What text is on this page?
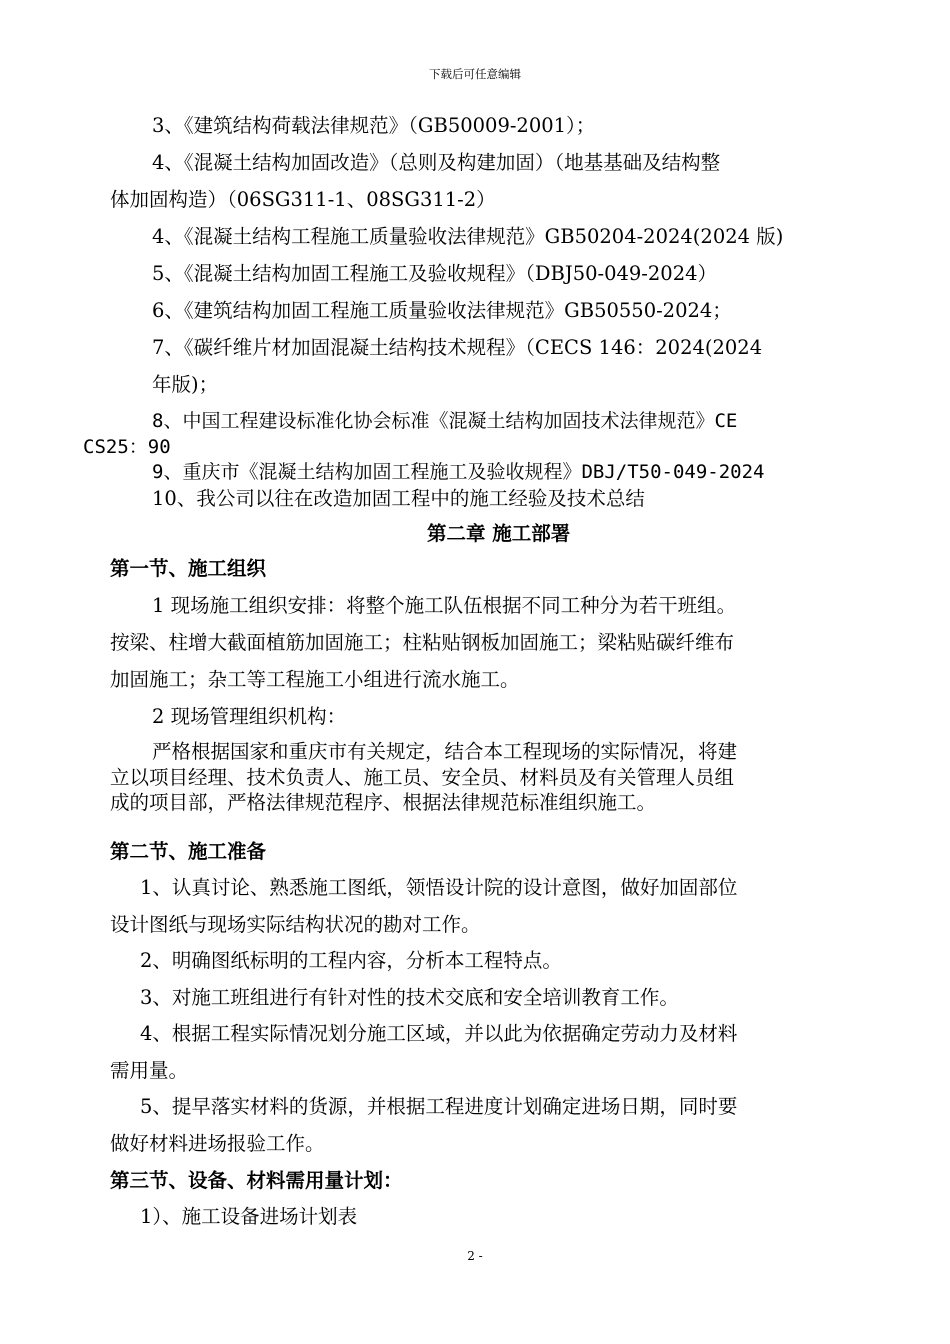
下载后可任意编辑
3、《建筑结构荷载法律规范》（GB50009-2001）；
4、《混凝土结构加固改造》（总则及构建加固）（地基基础及结构整
体加固构造）（06SG311-1、08SG311-2）
4、《混凝土结构工程施工质量验收法律规范》GB50204-2024(2024 版)
5、《混凝土结构加固工程施工及验收规程》（DBJ50-049-2024）
6、《建筑结构加固工程施工质量验收法律规范》GB50550-2024；
7、《碳纤维片材加固混凝土结构技术规程》（CECS 146：2024(2024
年版)；
8、中国工程建设标准化协会标准《混凝土结构加固技术法律规范》CE
CS25：90
9、重庆市《混凝土结构加固工程施工及验收规程》DBJ/T50-049-2024
10、我公司以往在改造加固工程中的施工经验及技术总结
第二章 施工部署
第一节、施工组织
1 现场施工组织安排：将整个施工队伍根据不同工种分为若干班组。
按梁、柱增大截面植筋加固施工；柱粘贴钢板加固施工；梁粘贴碳纤维布
加固施工；杂工等工程施工小组进行流水施工。
2 现场管理组织机构：
严格根据国家和重庆市有关规定，结合本工程现场的实际情况，将建
立以项目经理、技术负责人、施工员、安全员、材料员及有关管理人员组
成的项目部，严格法律规范程序、根据法律规范标准组织施工。
第二节、施工准备
1、认真讨论、熟悉施工图纸，领悟设计院的设计意图，做好加固部位
设计图纸与现场实际结构状况的勘对工作。
2、明确图纸标明的工程内容，分析本工程特点。
3、对施工班组进行有针对性的技术交底和安全培训教育工作。
4、根据工程实际情况划分施工区域，并以此为依据确定劳动力及材料
需用量。
5、提早落实材料的货源，并根据工程进度计划确定进场日期，同时要
做好材料进场报验工作。
第三节、设备、材料需用量计划：
1）、施工设备进场计划表
2 -
